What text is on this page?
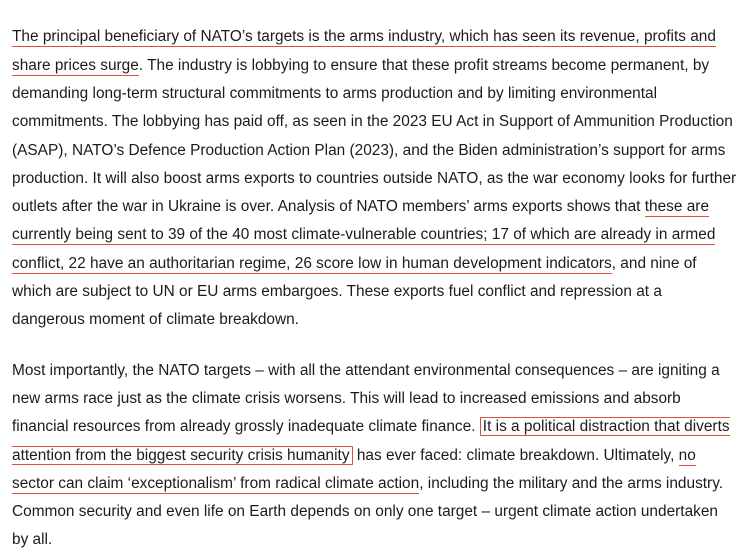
The principal beneficiary of NATO’s targets is the arms industry, which has seen its revenue, profits and share prices surge. The industry is lobbying to ensure that these profit streams become permanent, by demanding long-term structural commitments to arms production and by limiting environmental commitments. The lobbying has paid off, as seen in the 2023 EU Act in Support of Ammunition Production (ASAP), NATO’s Defence Production Action Plan (2023), and the Biden administration’s support for arms production. It will also boost arms exports to countries outside NATO, as the war economy looks for further outlets after the war in Ukraine is over. Analysis of NATO members’ arms exports shows that these are currently being sent to 39 of the 40 most climate-vulnerable countries; 17 of which are already in armed conflict, 22 have an authoritarian regime, 26 score low in human development indicators, and nine of which are subject to UN or EU arms embargoes. These exports fuel conflict and repression at a dangerous moment of climate breakdown.

Most importantly, the NATO targets – with all the attendant environmental consequences – are igniting a new arms race just as the climate crisis worsens. This will lead to increased emissions and absorb financial resources from already grossly inadequate climate finance. It is a political distraction that diverts attention from the biggest security crisis humanity has ever faced: climate breakdown. Ultimately, no sector can claim ‘exceptionalism’ from radical climate action, including the military and the arms industry. Common security and even life on Earth depends on only one target – urgent climate action undertaken by all.
